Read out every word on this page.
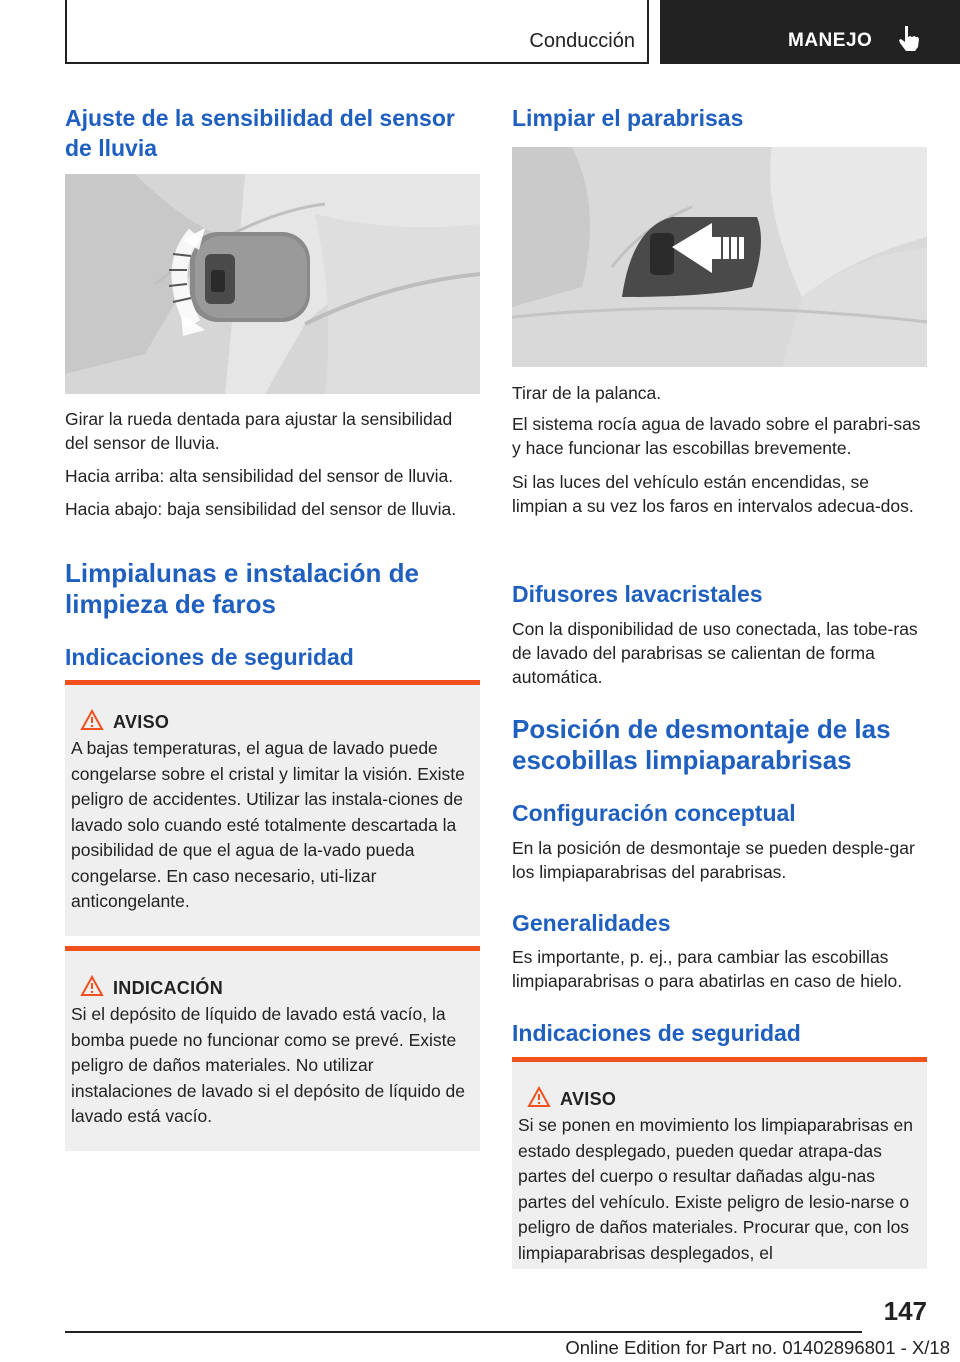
Conducción	MANEJO
Ajuste de la sensibilidad del sensor de lluvia

Girar la rueda dentada para ajustar la sensibilidad del sensor de lluvia.

Hacia arriba: alta sensibilidad del sensor de lluvia.

Hacia abajo: baja sensibilidad del sensor de lluvia.

Limpialunas e instalación de limpieza de faros
Indicaciones de seguridad
AVISO
A bajas temperaturas, el agua de lavado puede congelarse sobre el cristal y limitar la visión. Existe peligro de accidentes. Utilizar las instala-ciones de lavado solo cuando esté totalmente descartada la posibilidad de que el agua de la-vado pueda congelarse. En caso necesario, uti-lizar anticongelante.
INDICACIÓN
Si el depósito de líquido de lavado está vacío, la bomba puede no funcionar como se prevé. Existe peligro de daños materiales. No utilizar instalaciones de lavado si el depósito de líquido de lavado está vacío.
Limpiar el parabrisas

Tirar de la palanca.

El sistema rocía agua de lavado sobre el parabri-sas y hace funcionar las escobillas brevemente.

Si las luces del vehículo están encendidas, se limpian a su vez los faros en intervalos adecua-dos.

Difusores lavacristales

Con la disponibilidad de uso conectada, las tobe-ras de lavado del parabrisas se calientan de forma automática.

Posición de desmontaje de las escobillas limpiaparabrisas
Configuración conceptual

En la posición de desmontaje se pueden desple-gar los limpiaparabrisas del parabrisas.

Generalidades

Es importante, p. ej., para cambiar las escobillas limpiaparabrisas o para abatirlas en caso de hielo.

Indicaciones de seguridad
AVISO
Si se ponen en movimiento los limpiaparabrisas en estado desplegado, pueden quedar atrapa-das partes del cuerpo o resultar dañadas algu-nas partes del vehículo. Existe peligro de lesio-narse o peligro de daños materiales. Procurar que, con los limpiaparabrisas desplegados, el
147
Online Edition for Part no. 01402896801 - X/18
